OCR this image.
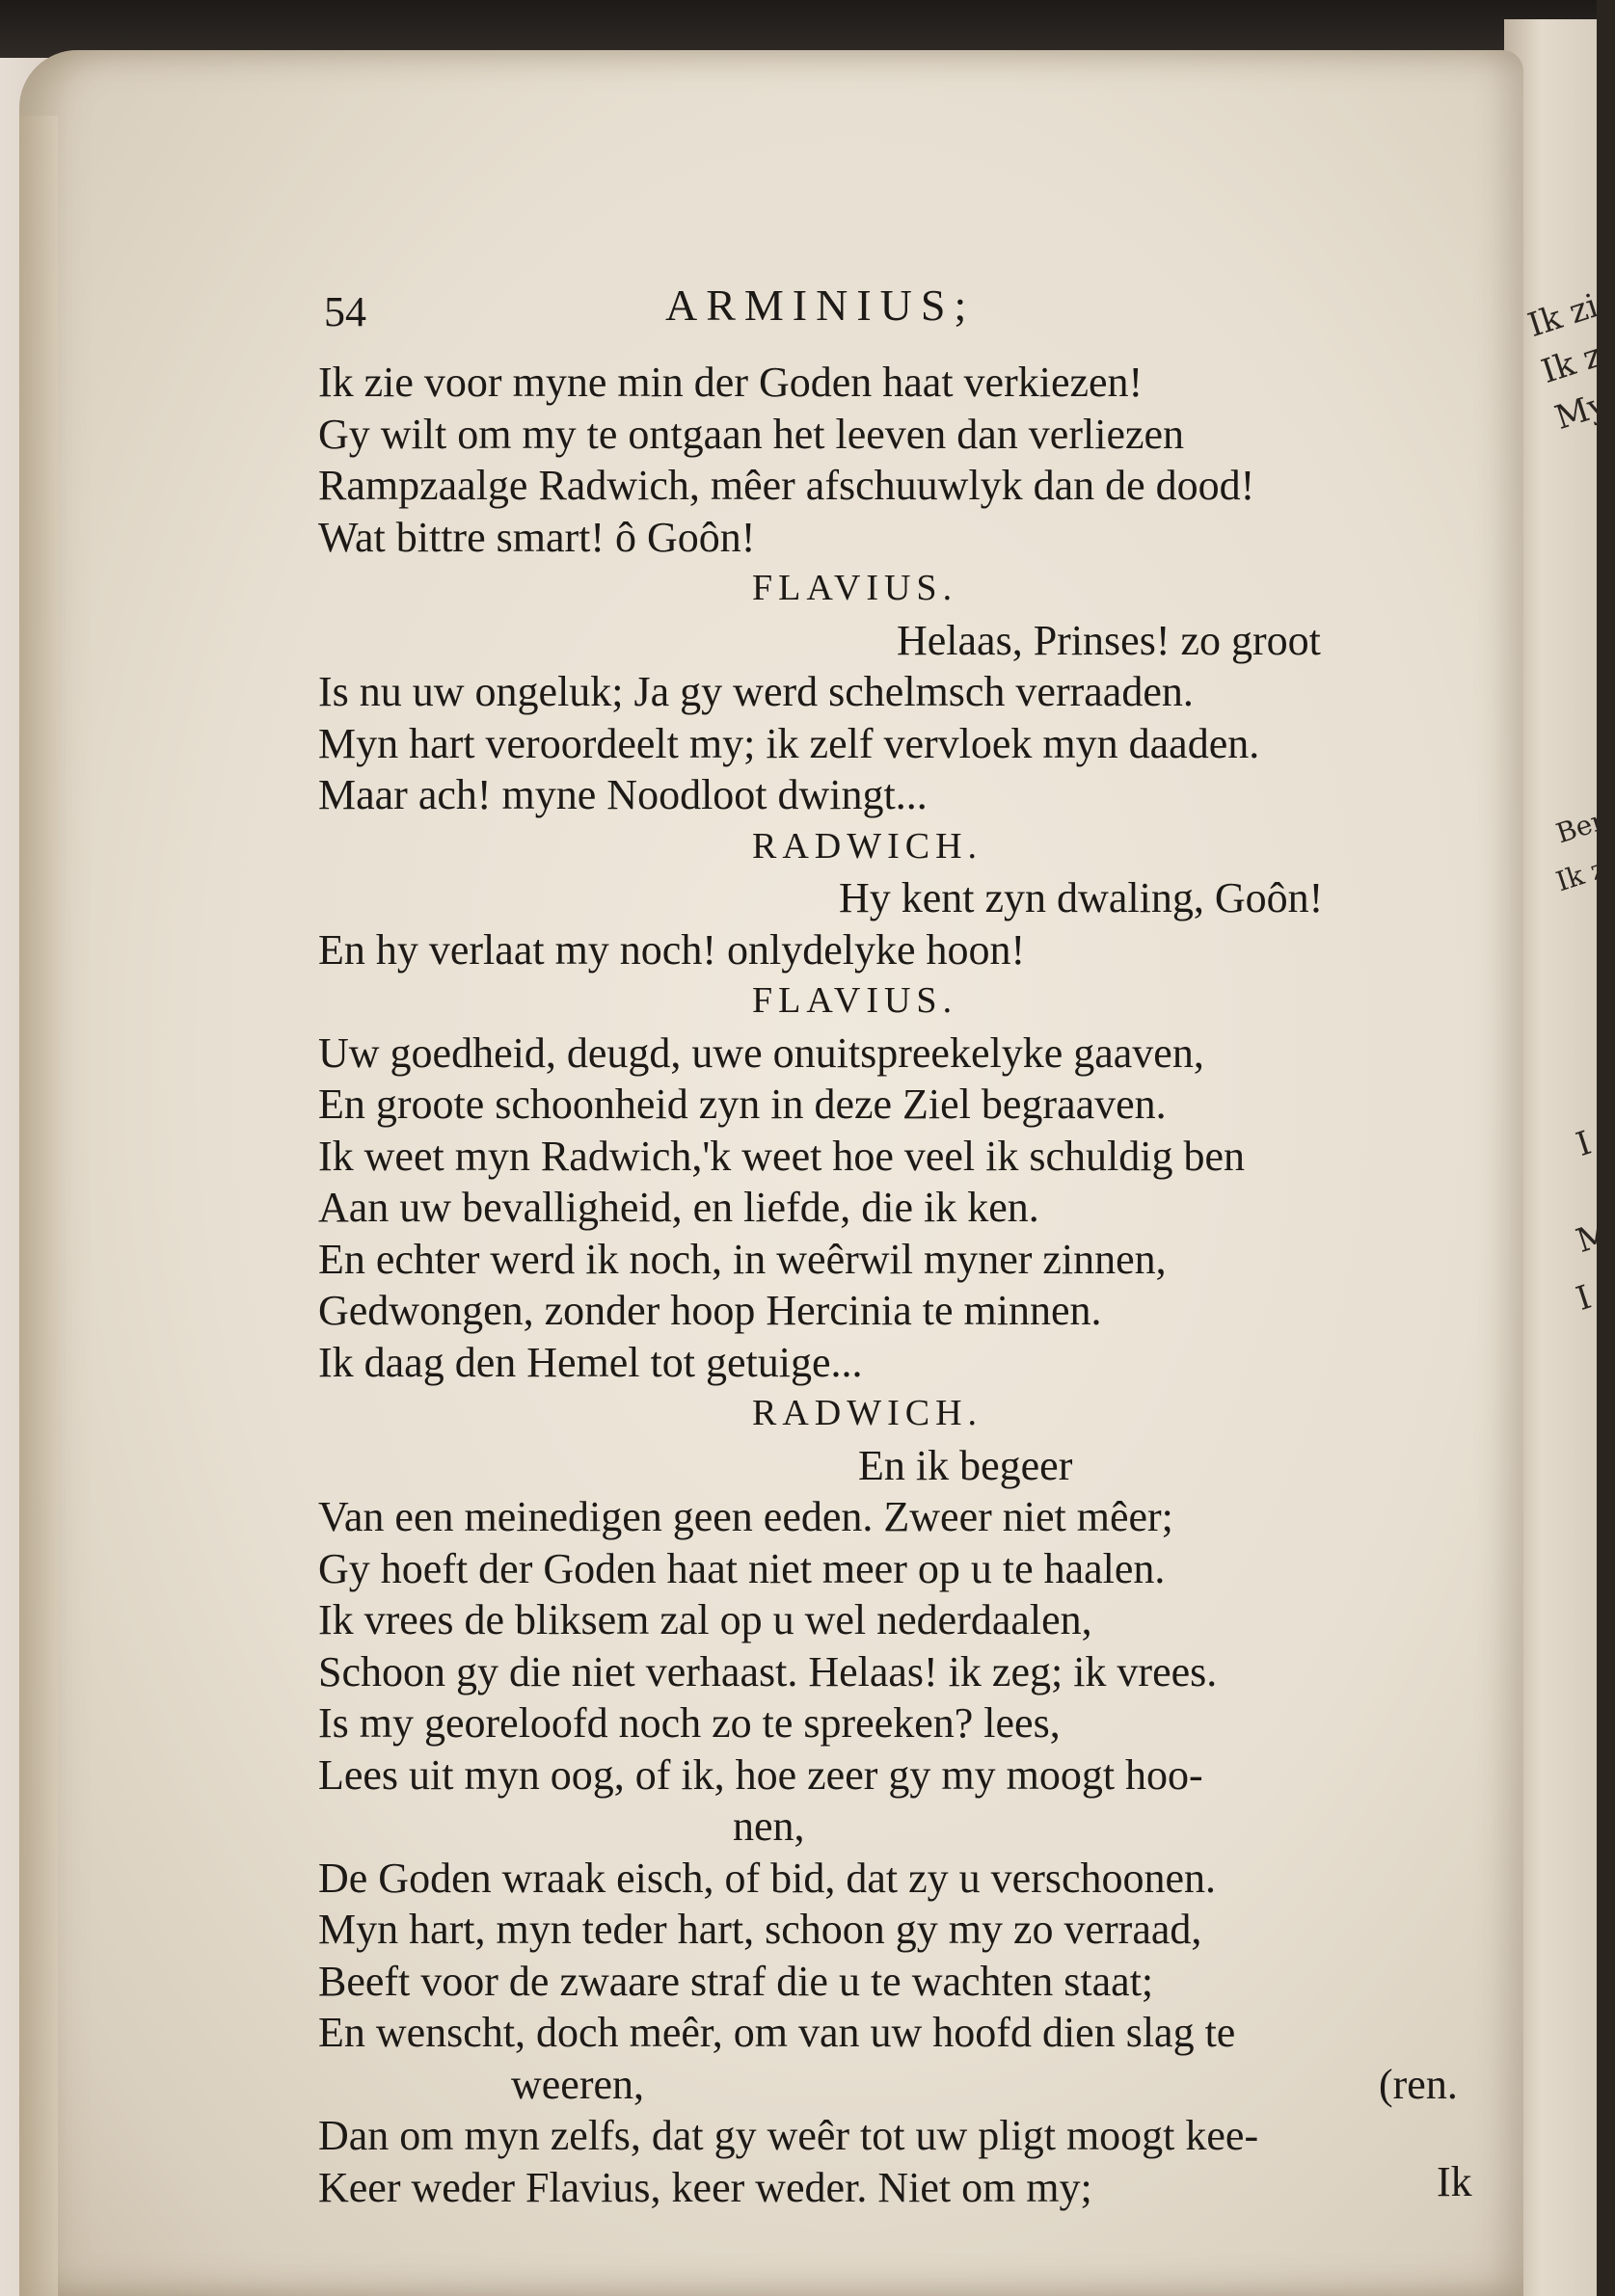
Ik zi
Ik z
My
Ber
Ik z
I
M
I
54	ARMINIUS;
Ik zie voor myne min der Goden haat verkiezen!
Gy wilt om my te ontgaan het leeven dan verliezen
Rampzaalge Radwich, mêer afschuuwlyk dan de dood!
Wat bittre smart! ô Goôn!
FLAVIUS.
Helaas, Prinses! zo groot
Is nu uw ongeluk; Ja gy werd schelmsch verraaden.
Myn hart veroordeelt my; ik zelf vervloek myn daaden.
Maar ach! myne Noodloot dwingt...
RADWICH.
Hy kent zyn dwaling, Goôn!
En hy verlaat my noch! onlydelyke hoon!
FLAVIUS.
Uw goedheid, deugd, uwe onuitspreekelyke gaaven,
En groote schoonheid zyn in deze Ziel begraaven.
Ik weet myn Radwich,'k weet hoe veel ik schuldig ben
Aan uw bevalligheid, en liefde, die ik ken.
En echter werd ik noch, in weêrwil myner zinnen,
Gedwongen, zonder hoop Hercinia te minnen.
Ik daag den Hemel tot getuige...
RADWICH.
En ik begeer
Van een meinedigen geen eeden. Zweer niet mêer;
Gy hoeft der Goden haat niet meer op u te haalen.
Ik vrees de bliksem zal op u wel nederdaalen,
Schoon gy die niet verhaast. Helaas! ik zeg; ik vrees.
Is my georeloofd noch zo te spreeken? lees,
Lees uit myn oog, of ik, hoe zeer gy my moogt hoo-
nen,
De Goden wraak eisch, of bid, dat zy u verschoonen.
Myn hart, myn teder hart, schoon gy my zo verraad,
Beeft voor de zwaare straf die u te wachten staat;
En wenscht, doch meêr, om van uw hoofd dien slag te
weeren,	(ren.
Dan om myn zelfs, dat gy weêr tot uw pligt moogt kee-
Keer weder Flavius, keer weder. Niet om my;	Ik
